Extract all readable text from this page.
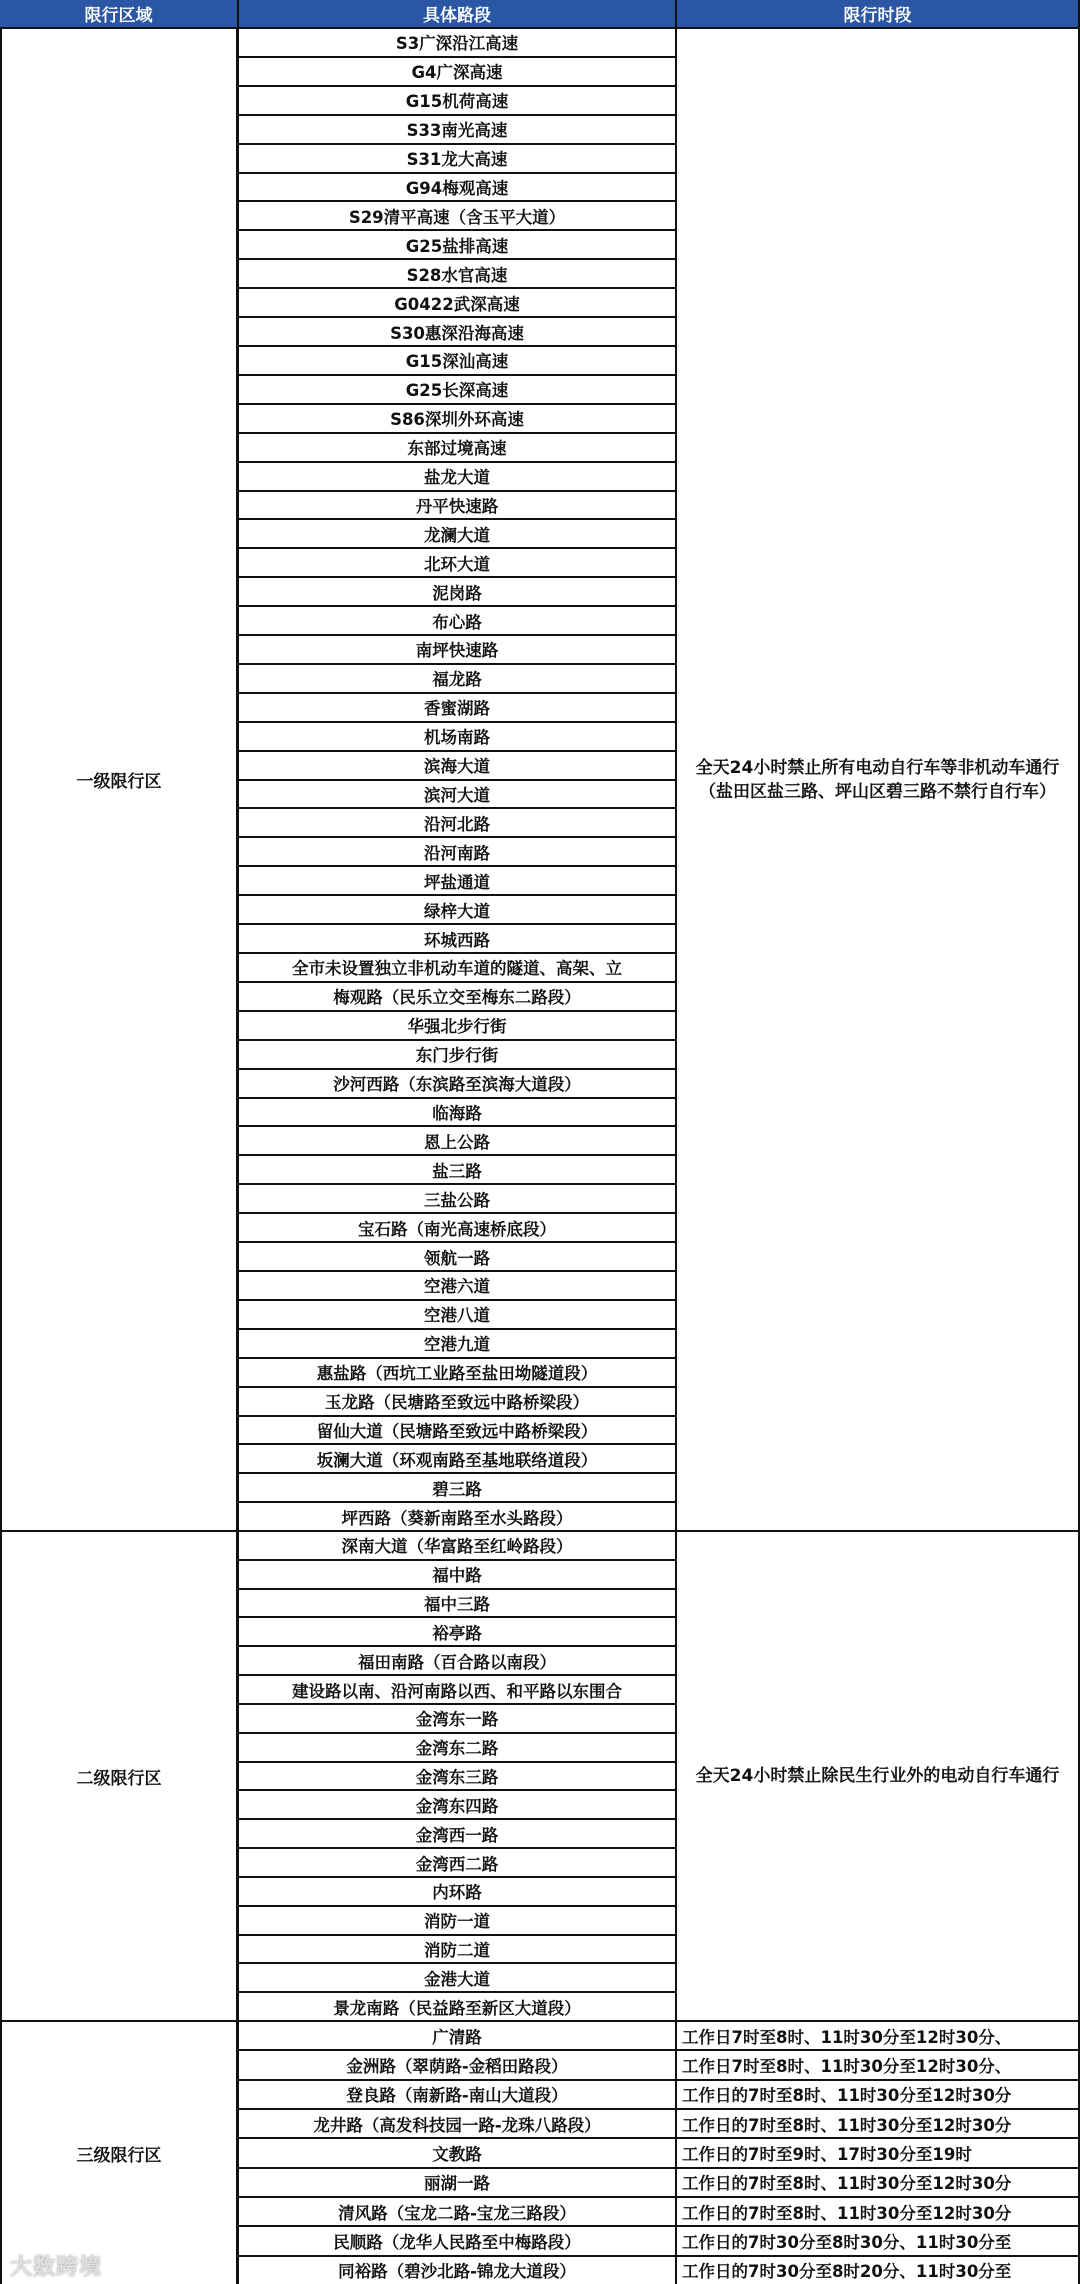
限行区域	具体路段	限行时段
一级限行区
S3广深沿江高速
G4广深高速
G15机荷高速
S33南光高速
S31龙大高速
G94梅观高速
S29清平高速（含玉平大道）
G25盐排高速
S28水官高速
G0422武深高速
S30惠深沿海高速
G15深汕高速
G25长深高速
S86深圳外环高速
东部过境高速
盐龙大道
丹平快速路
龙澜大道
北环大道
泥岗路
布心路
南坪快速路
福龙路
香蜜湖路
机场南路
滨海大道
滨河大道
沿河北路
沿河南路
坪盐通道
绿梓大道
环城西路
全市未设置独立非机动车道的隧道、高架、立
梅观路（民乐立交至梅东二路段）
华强北步行街
东门步行街
沙河西路（东滨路至滨海大道段）
临海路
恩上公路
盐三路
三盐公路
宝石路（南光高速桥底段）
领航一路
空港六道
空港八道
空港九道
惠盐路（西坑工业路至盐田坳隧道段）
玉龙路（民塘路至致远中路桥梁段）
留仙大道（民塘路至致远中路桥梁段）
坂澜大道（环观南路至基地联络道段）
碧三路
坪西路（葵新南路至水头路段）
全天24小时禁止所有电动自行车等非机动车通行（盐田区盐三路、坪山区碧三路不禁行自行车）
二级限行区
深南大道（华富路至红岭路段）
福中路
福中三路
裕亭路
福田南路（百合路以南段）
建设路以南、沿河南路以西、和平路以东围合
金湾东一路
金湾东二路
金湾东三路
金湾东四路
金湾西一路
金湾西二路
内环路
消防一道
消防二道
金港大道
景龙南路（民益路至新区大道段）
全天24小时禁止除民生行业外的电动自行车通行
三级限行区
广清路
金洲路（翠荫路-金稻田路段）
登良路（南新路-南山大道段）
龙井路（高发科技园一路-龙珠八路段）
文教路
丽湖一路
清风路（宝龙二路-宝龙三路段）
民顺路（龙华人民路至中梅路段）
同裕路（碧沙北路-锦龙大道段）
工作日7时至8时、11时30分至12时30分、
工作日7时至8时、11时30分至12时30分、
工作日的7时至8时、11时30分至12时30分
工作日的7时至8时、11时30分至12时30分
工作日的7时至9时、17时30分至19时
工作日的7时至8时、11时30分至12时30分
工作日的7时至8时、11时30分至12时30分
工作日的7时30分至8时30分、11时30分至
工作日的7时30分至8时20分、11时30分至
大数跨境
